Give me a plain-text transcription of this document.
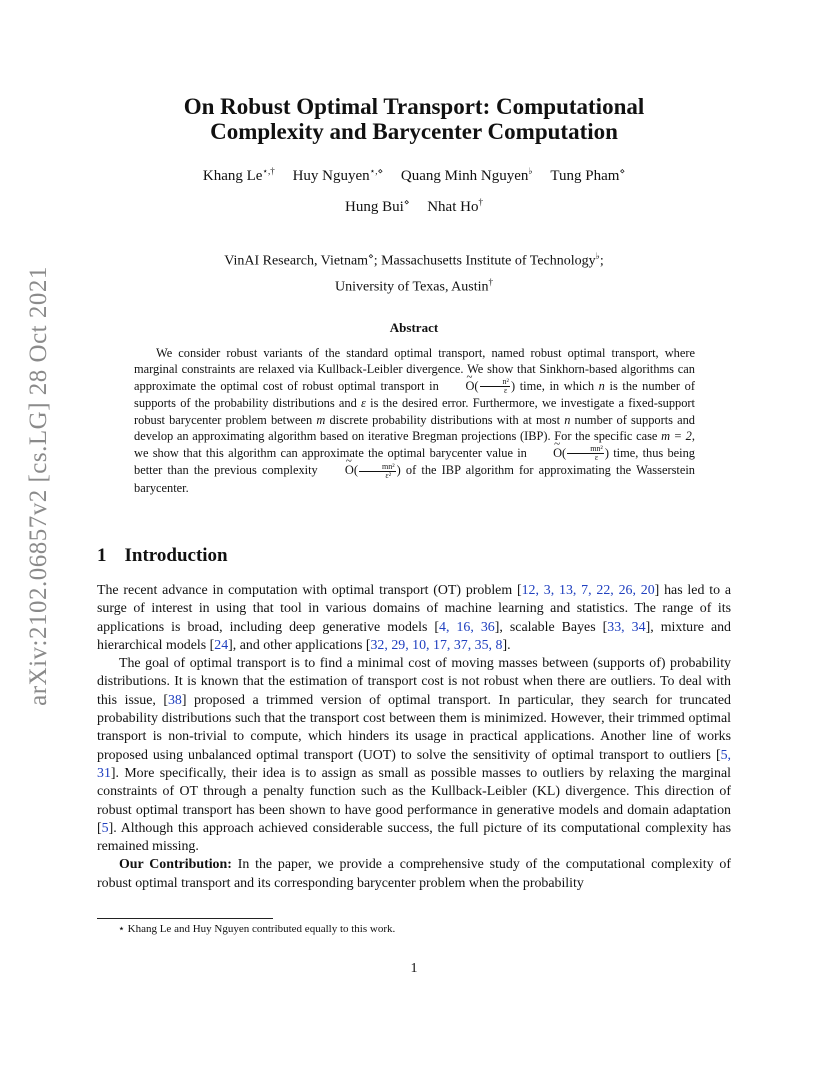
arXiv:2102.06857v2 [cs.LG] 28 Oct 2021
On Robust Optimal Transport: Computational
Complexity and Barycenter Computation
Khang Le⋆,† Huy Nguyen⋆,⋄ Quang Minh Nguyen♭ Tung Pham⋄
Hung Bui⋄ Nhat Ho†
VinAI Research, Vietnam⋄; Massachusetts Institute of Technology♭;
University of Texas, Austin†
Abstract

We consider robust variants of the standard optimal transport, named robust optimal transport, where marginal constraints are relaxed via Kullback-Leibler divergence. We show that Sinkhorn-based algorithms can approximate the optimal cost of robust optimal transport in ~ $O( \frac{\text{n²}}{\varepsilon}$ ) time, in which n is the number of supports of the probability distributions and ε is the desired error. Furthermore, we investigate a fixed-support robust barycenter problem between m discrete probability distributions with at most n number of supports and develop an approximating algorithm based on iterative Bregman projections (IBP). For the specific case m = 2, we show that this algorithm can approximate the optimal barycenter value in ~ $O( \frac{\text{mn²}}{\varepsilon}$ ) time, thus being better than the previous complexity ~ $O( \frac{\text{mn²}}{\text{ε²}}$ ) of the IBP algorithm for approximating the Wasserstein barycenter.

1 Introduction

The recent advance in computation with optimal transport (OT) problem [12, 3, 13, 7, 22, 26, 20] has led to a surge of interest in using that tool in various domains of machine learning and statistics. The range of its applications is broad, including deep generative models [4, 16, 36], scalable Bayes [33, 34], mixture and hierarchical models [24], and other applications [32, 29, 10, 17, 37, 35, 8].

The goal of optimal transport is to find a minimal cost of moving masses between (supports of) probability distributions. It is known that the estimation of transport cost is not robust when there are outliers. To deal with this issue, [38] proposed a trimmed version of optimal transport. In particular, they search for truncated probability distributions such that the transport cost between them is minimized. However, their trimmed optimal transport is non-trivial to compute, which hinders its usage in practical applications. Another line of works proposed using unbalanced optimal transport (UOT) to solve the sensitivity of optimal transport to outliers [5, 31]. More specifically, their idea is to assign as small as possible masses to outliers by relaxing the marginal constraints of OT through a penalty function such as the Kullback-Leibler (KL) divergence. This direction of robust optimal transport has been shown to have good performance in generative models and domain adaptation [5]. Although this approach achieved considerable success, the full picture of its computational complexity has remained missing.

Our Contribution: In the paper, we provide a comprehensive study of the computational complexity of robust optimal transport and its corresponding barycenter problem when the probability

⋆ Khang Le and Huy Nguyen contributed equally to this work.
1
